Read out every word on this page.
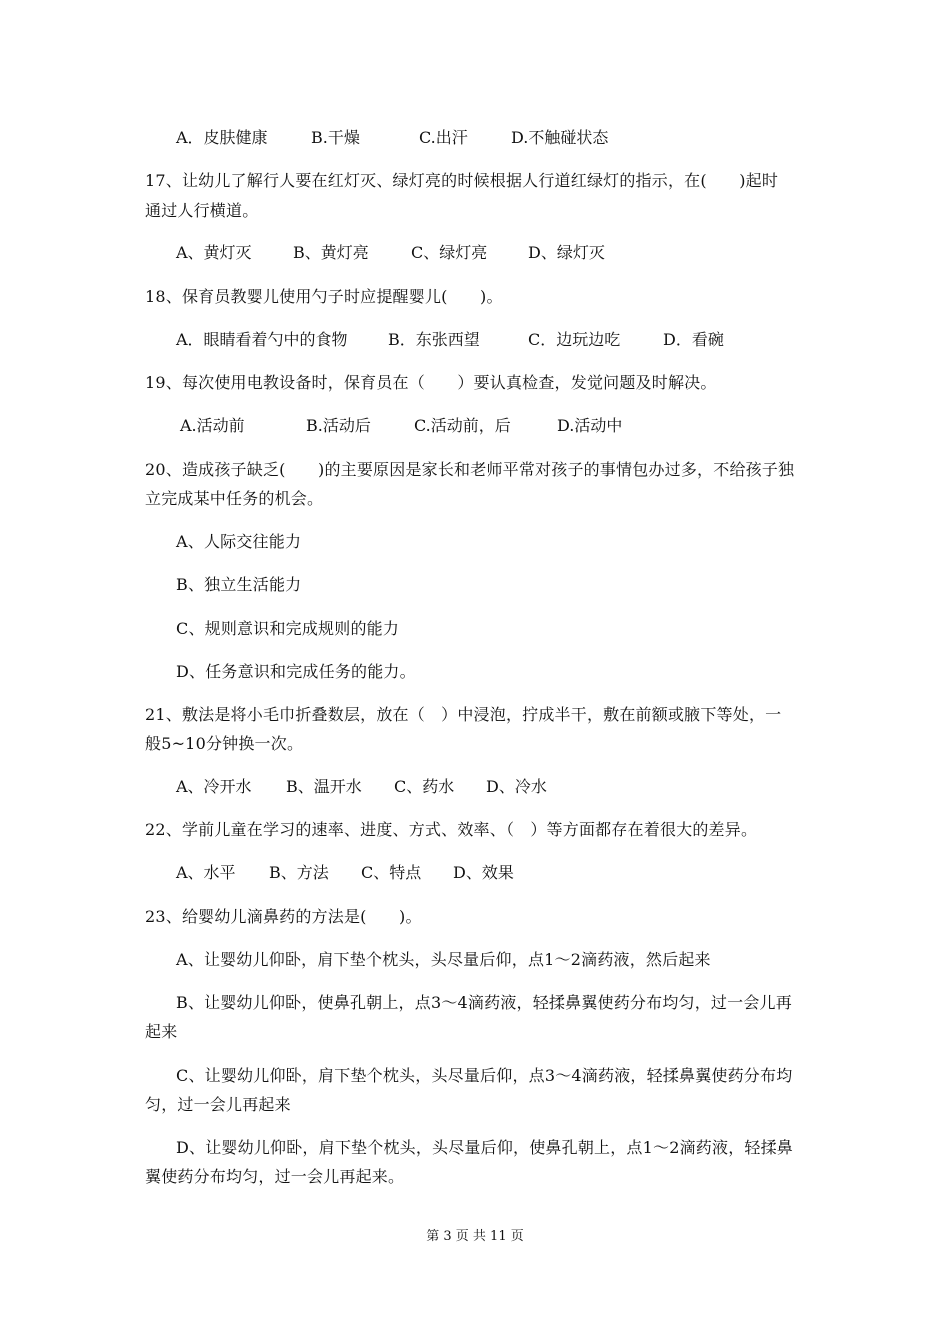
A．皮肤健康	B.干燥	C.出汗	D.不触碰状态
17、让幼儿了解行人要在红灯灭、绿灯亮的时候根据人行道红绿灯的指示，在(　　)起时
通过人行横道。
A、黄灯灭	B、黄灯亮	C、绿灯亮	D、绿灯灭
18、保育员教婴儿使用勺子时应提醒婴儿(　　)。
A．眼睛看着勺中的食物	B．东张西望	C．边玩边吃	D．看碗
19、每次使用电教设备时，保育员在（　　）要认真检查，发觉问题及时解决。
A.活动前	B.活动后	C.活动前，后	D.活动中
20、造成孩子缺乏(　　)的主要原因是家长和老师平常对孩子的事情包办过多，不给孩子独
立完成某中任务的机会。
A、人际交往能力
B、独立生活能力
C、规则意识和完成规则的能力
D、任务意识和完成任务的能力。
21、敷法是将小毛巾折叠数层，放在（　）中浸泡，拧成半干，敷在前额或腋下等处，一
般5~10分钟换一次。
A、冷开水 B、温开水 C、药水 D、冷水
22、学前儿童在学习的速率、进度、方式、效率、（　）等方面都存在着很大的差异。
A、水平 B、方法 C、特点 D、效果
23、给婴幼儿滴鼻药的方法是(　　)。
A、让婴幼儿仰卧，肩下垫个枕头，头尽量后仰，点1～2滴药液，然后起来
B、让婴幼儿仰卧，使鼻孔朝上，点3～4滴药液，轻揉鼻翼使药分布均匀，过一会儿再
起来
C、让婴幼儿仰卧，肩下垫个枕头，头尽量后仰，点3～4滴药液，轻揉鼻翼使药分布均
匀，过一会儿再起来
D、让婴幼儿仰卧，肩下垫个枕头，头尽量后仰，使鼻孔朝上，点1～2滴药液，轻揉鼻
翼使药分布均匀，过一会儿再起来。
第 3 页 共 11 页
